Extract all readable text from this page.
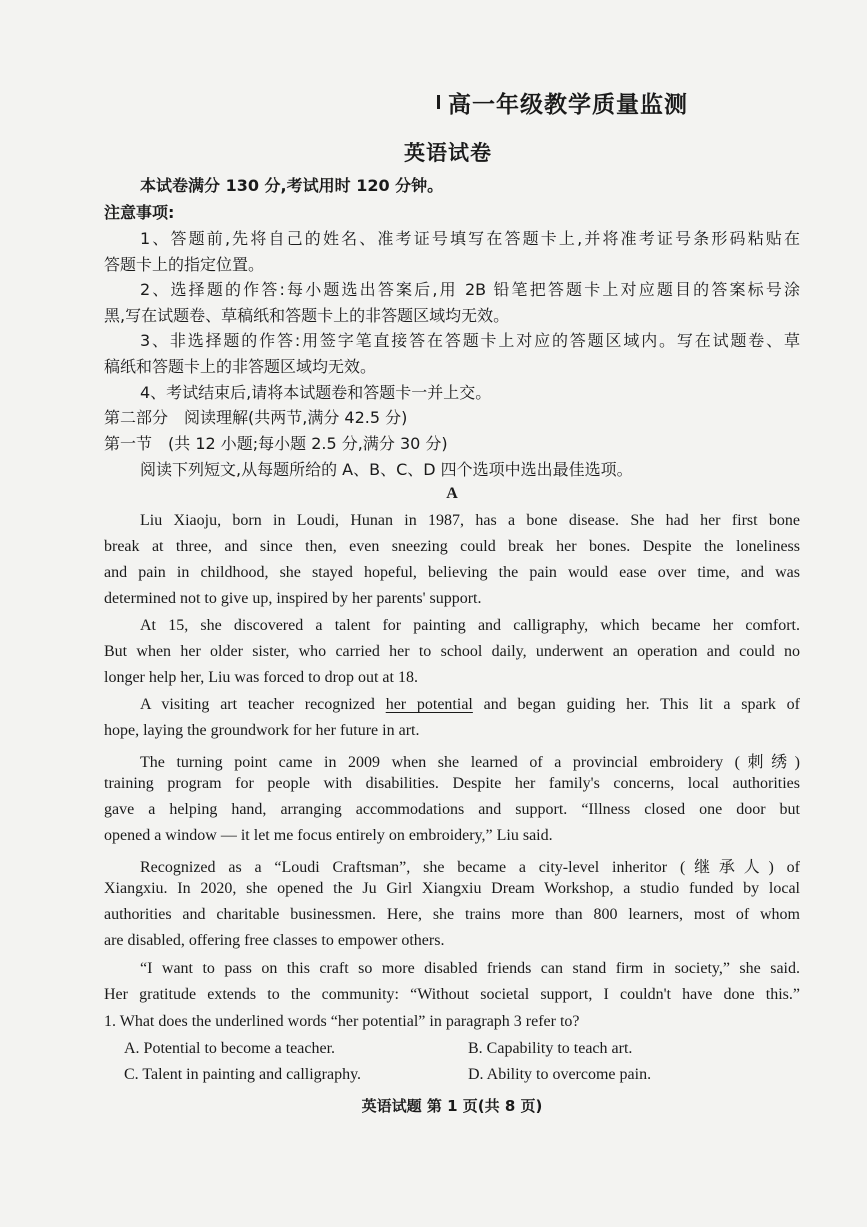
高一年级教学质量监测
英语试卷
本试卷满分 130 分,考试用时 120 分钟。
注意事项:
1、答题前,先将自己的姓名、准考证号填写在答题卡上,并将准考证号条形码粘贴在
答题卡上的指定位置。
2、选择题的作答:每小题选出答案后,用 2B 铅笔把答题卡上对应题目的答案标号涂
黑,写在试题卷、草稿纸和答题卡上的非答题区域均无效。
3、非选择题的作答:用签字笔直接答在答题卡上对应的答题区域内。写在试题卷、草
稿纸和答题卡上的非答题区域均无效。
4、考试结束后,请将本试题卷和答题卡一并上交。
第二部分　阅读理解(共两节,满分 42.5 分)
第一节　(共 12 小题;每小题 2.5 分,满分 30 分)
阅读下列短文,从每题所给的 A、B、C、D 四个选项中选出最佳选项。
A
Liu Xiaoju, born in Loudi, Hunan in 1987, has a bone disease. She had her first bone
break at three, and since then, even sneezing could break her bones. Despite the loneliness
and pain in childhood, she stayed hopeful, believing the pain would ease over time, and was
determined not to give up, inspired by her parents' support.
At 15, she discovered a talent for painting and calligraphy, which became her comfort.
But when her older sister, who carried her to school daily, underwent an operation and could no
longer help her, Liu was forced to drop out at 18.
A visiting art teacher recognized her potential and began guiding her. This lit a spark of
hope, laying the groundwork for her future in art.
The turning point came in 2009 when she learned of a provincial embroidery (刺绣)
training program for people with disabilities. Despite her family's concerns, local authorities
gave a helping hand, arranging accommodations and support. “Illness closed one door but
opened a window — it let me focus entirely on embroidery,” Liu said.
Recognized as a “Loudi Craftsman”, she became a city-level inheritor (继承人) of
Xiangxiu. In 2020, she opened the Ju Girl Xiangxiu Dream Workshop, a studio funded by local
authorities and charitable businessmen. Here, she trains more than 800 learners, most of whom
are disabled, offering free classes to empower others.
“I want to pass on this craft so more disabled friends can stand firm in society,” she said.
Her gratitude extends to the community: “Without societal support, I couldn't have done this.”
1. What does the underlined words “her potential” in paragraph 3 refer to?
A. Potential to become a teacher.	B. Capability to teach art.
C. Talent in painting and calligraphy.	D. Ability to overcome pain.
英语试题 第 1 页(共 8 页)
